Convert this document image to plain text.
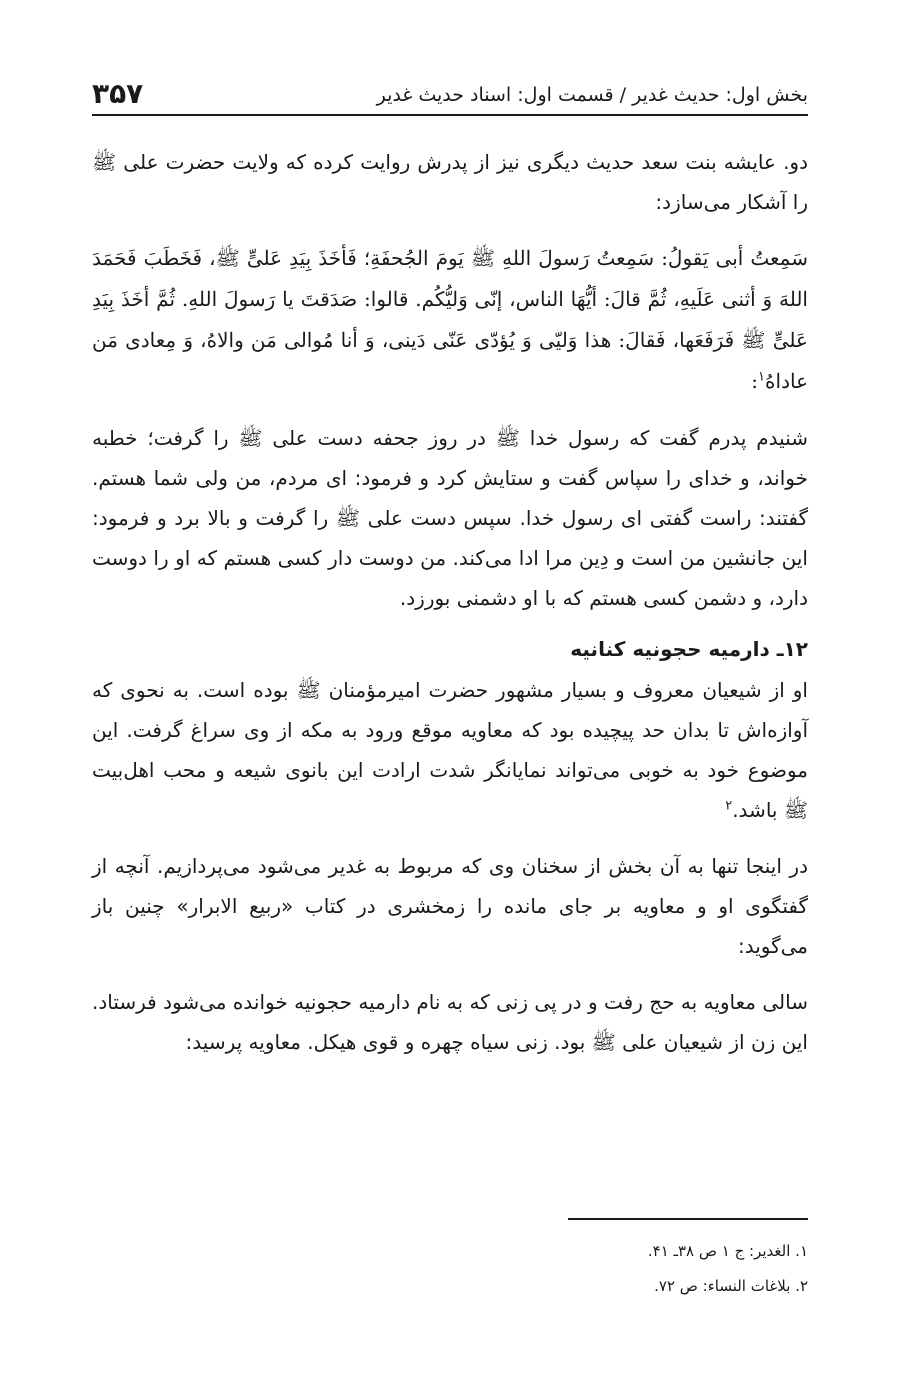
بخش اول: حدیث غدیر / قسمت اول: اسناد حدیث غدیر
۳۵۷

دو. عایشه بنت سعد حدیث دیگری نیز از پدرش روایت کرده که ولایت حضرت علی ﷺ را آشکار می‌سازد:

سَمِعتُ أبی یَقولُ: سَمِعتُ رَسولَ اللهِ ﷺ یَومَ الجُحفَةِ؛ فَأخَذَ بِیَدِ عَلیٍّ ﷺ، فَخَطَبَ فَحَمَدَ اللهَ وَ أثنی عَلَیهِ، ثُمَّ قالَ: أیُّهَا الناس، إنّی وَلیُّکُم. قالوا: صَدَقتَ یا رَسولَ اللهِ. ثُمَّ أخَذَ بِیَدِ عَلیٍّ ﷺ فَرَفَعَها، فَقالَ: هذا وَلیّی وَ یُؤدّی عَنّی دَینی، وَ أنا مُوالی مَن والاهُ، وَ مِعادی مَن عاداهُ$^۱$:

شنیدم پدرم گفت که رسول خدا ﷺ در روز جحفه دست علی ﷺ را گرفت؛ خطبه خواند، و خدای را سپاس گفت و ستایش کرد و فرمود: ای مردم، من ولی شما هستم. گفتند: راست گفتی ای رسول خدا. سپس دست علی ﷺ را گرفت و بالا برد و فرمود: این جانشین من است و دِین مرا ادا می‌کند. من دوست دار کسی هستم که او را دوست دارد، و دشمن کسی هستم که با او دشمنی بورزد.

۱۲ـ دارمیه حجونیه کنانیه

او از شیعیان معروف و بسیار مشهور حضرت امیرمؤمنان ﷺ بوده است. به نحوی که آوازه‌اش تا بدان حد پیچیده بود که معاویه موقع ورود به مکه از وی سراغ گرفت. این موضوع خود به خوبی می‌تواند نمایانگر شدت ارادت این بانوی شیعه و محب اهل‌بیت ﷺ باشد.$^۲$

در اینجا تنها به آن بخش از سخنان وی که مربوط به غدیر می‌شود می‌پردازیم. آنچه از گفتگوی او و معاویه بر جای مانده را زمخشری در کتاب «ربیع الابرار» چنین باز می‌گوید:

سالی معاویه به حج رفت و در پی زنی که به نام دارمیه حجونیه خوانده می‌شود فرستاد. این زن از شیعیان علی ﷺ بود. زنی سیاه چهره و قوی هیکل. معاویه پرسید:

۱. الغدیر: ج ۱ ص ۳۸ـ ۴۱.

۲. بلاغات النساء: ص ۷۲.
